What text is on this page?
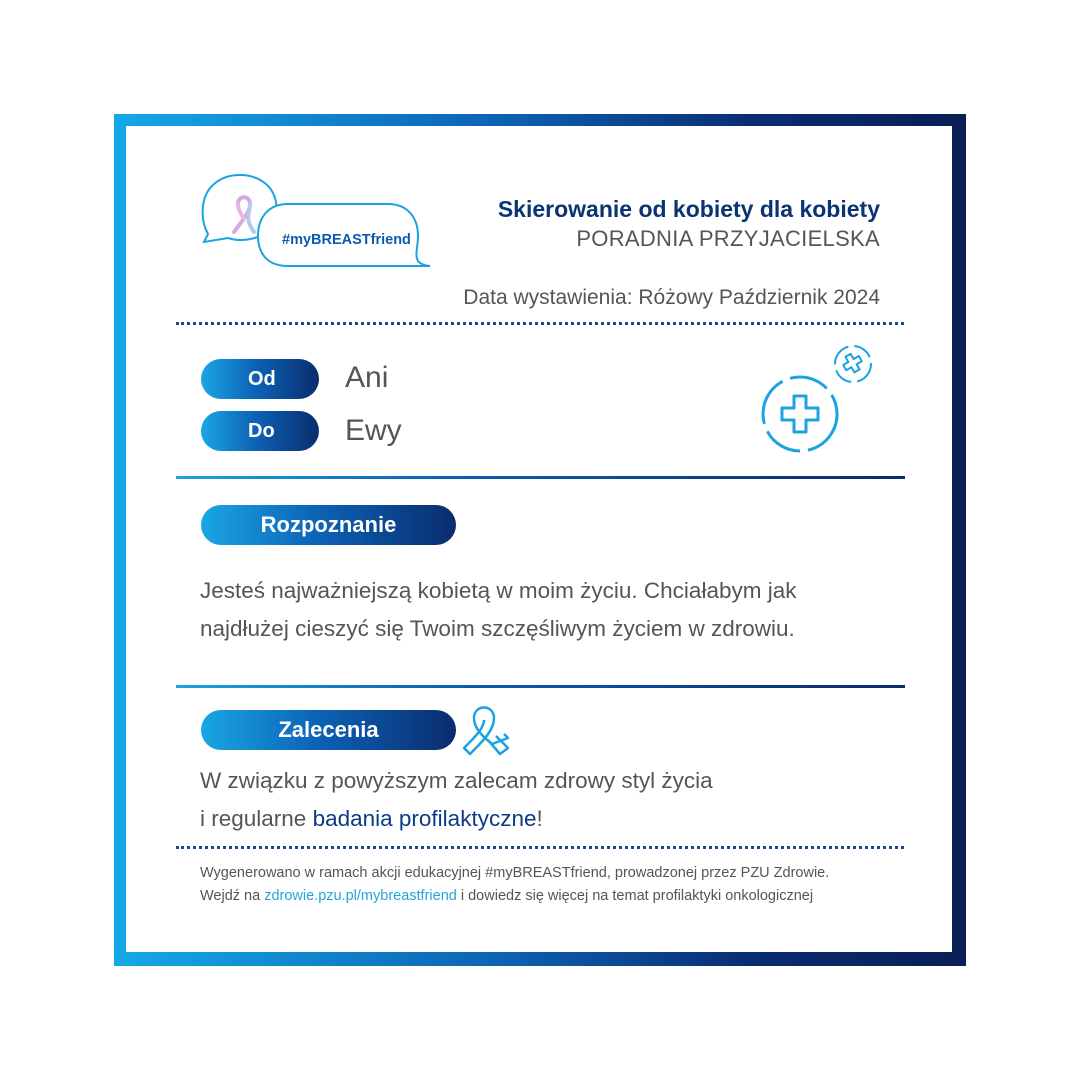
#myBREASTfriend
Skierowanie od kobiety dla kobiety
PORADNIA PRZYJACIELSKA
Data wystawienia: Różowy Październik 2024
Od	Ani
Do	Ewy
Rozpoznanie
Jesteś najważniejszą kobietą w moim życiu. Chciałabym jak
najdłużej cieszyć się Twoim szczęśliwym życiem w zdrowiu.
Zalecenia
W związku z powyższym zalecam zdrowy styl życia
i regularne badania profilaktyczne!
Wygenerowano w ramach akcji edukacyjnej #myBREASTfriend, prowadzonej przez PZU Zdrowie.
Wejdź na zdrowie.pzu.pl/mybreastfriend i dowiedz się więcej na temat profilaktyki onkologicznej
